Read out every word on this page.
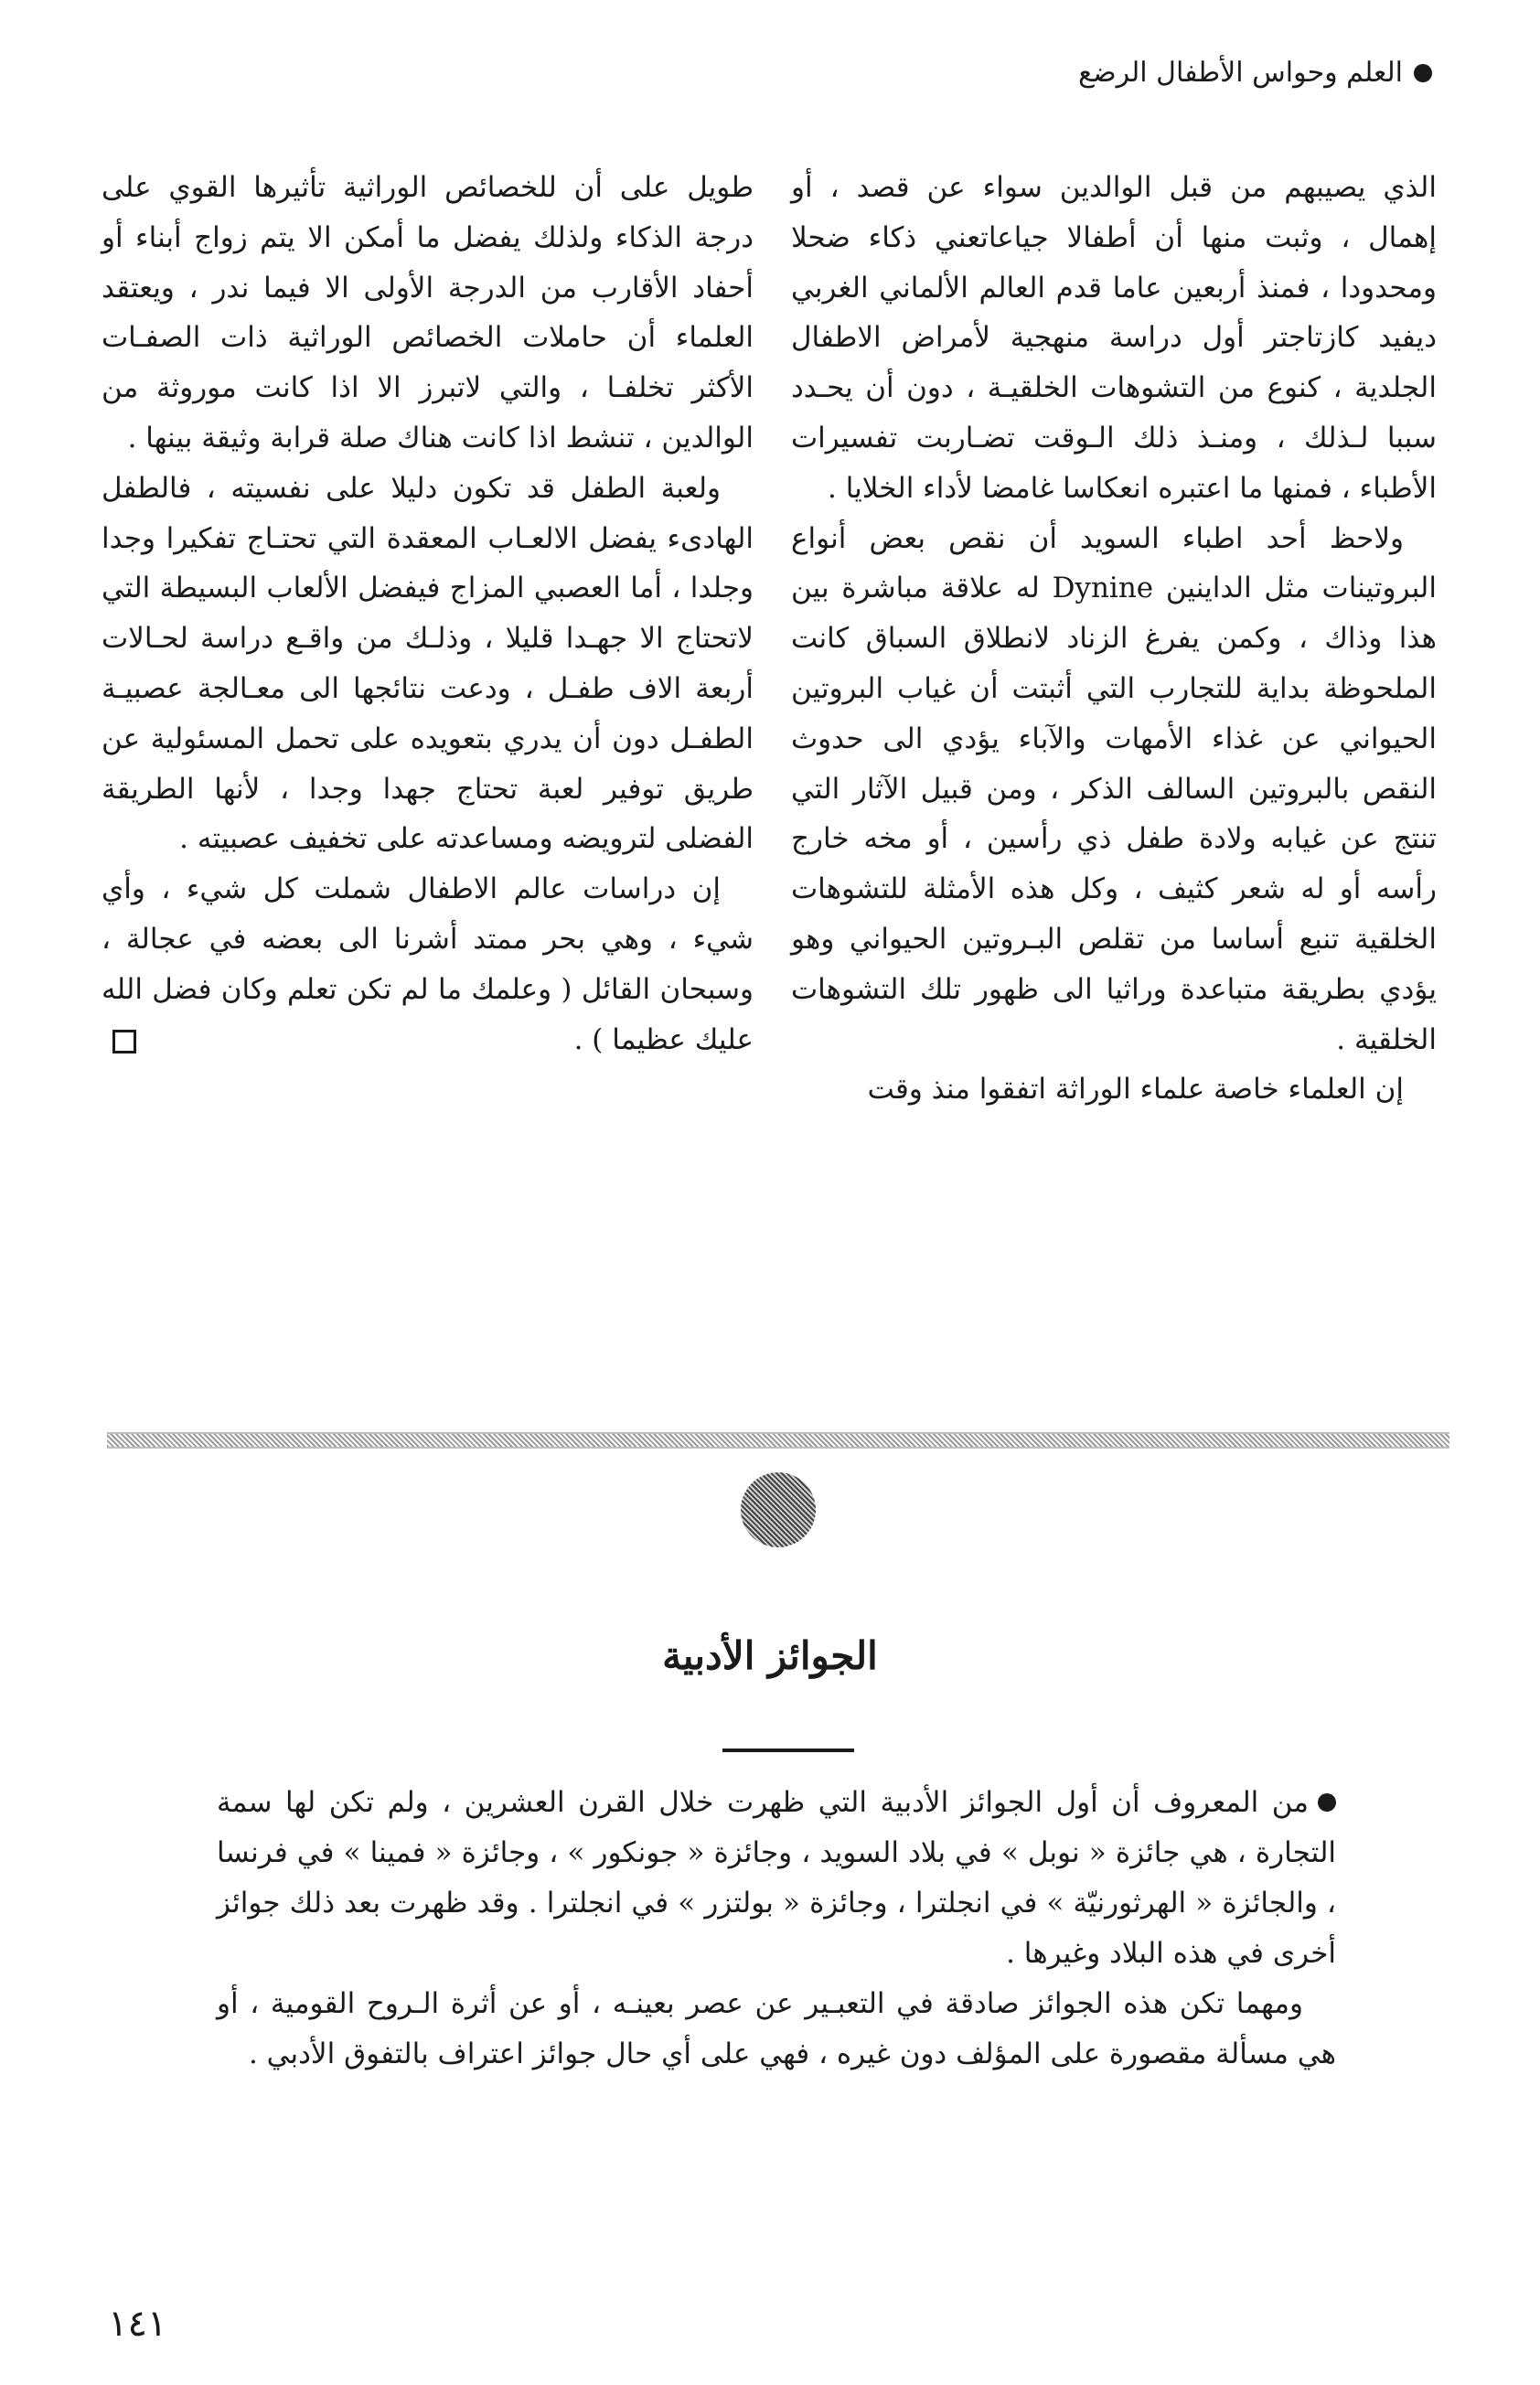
العلم وحواس الأطفال الرضع

الذي يصيبهم من قبل الوالدين سواء عن قصد ، أو إهمال ، وثبت منها أن أطفالا جياعاتعني ذكاء ضحلا ومحدودا ، فمنذ أربعين عاما قدم العالم الألماني الغربي ديفيد كازتاجتر أول دراسة منهجية لأمراض الاطفال الجلدية ، كنوع من التشوهات الخلقيـة ، دون أن يحـدد سببا لـذلك ، ومنـذ ذلك الـوقت تضـاربت تفسيرات الأطباء ، فمنها ما اعتبره انعكاسا غامضا لأداء الخلايا .

ولاحظ أحد اطباء السويد أن نقص بعض أنواع البروتينات مثل الداينين Dynine له علاقة مباشرة بين هذا وذاك ، وكمن يفرغ الزناد لانطلاق السباق كانت الملحوظة بداية للتجارب التي أثبتت أن غياب البروتين الحيواني عن غذاء الأمهات والآباء يؤدي الى حدوث النقص بالبروتين السالف الذكر ، ومن قبيل الآثار التي تنتج عن غيابه ولادة طفل ذي رأسين ، أو مخه خارج رأسه أو له شعر كثيف ، وكل هذه الأمثلة للتشوهات الخلقية تنبع أساسا من تقلص البـروتين الحيواني وهو يؤدي بطريقة متباعدة وراثيا الى ظهور تلك التشوهات الخلقية .

إن العلماء خاصة علماء الوراثة اتفقوا منذ وقت

طويل على أن للخصائص الوراثية تأثيرها القوي على درجة الذكاء ولذلك يفضل ما أمكن الا يتم زواج أبناء أو أحفاد الأقارب من الدرجة الأولى الا فيما ندر ، ويعتقد العلماء أن حاملات الخصائص الوراثية ذات الصفـات الأكثر تخلفـا ، والتي لاتبرز الا اذا كانت موروثة من الوالدين ، تنشط اذا كانت هناك صلة قرابة وثيقة بينها .

ولعبة الطفل قد تكون دليلا على نفسيته ، فالطفل الهادىء يفضل الالعـاب المعقدة التي تحتـاج تفكيرا وجدا وجلدا ، أما العصبي المزاج فيفضل الألعاب البسيطة التي لاتحتاج الا جهـدا قليلا ، وذلـك من واقـع دراسة لحـالات أربعة الاف طفـل ، ودعت نتائجها الى معـالجة عصبيـة الطفـل دون أن يدري بتعويده على تحمل المسئولية عن طريق توفير لعبة تحتاج جهدا وجدا ، لأنها الطريقة الفضلى لترويضه ومساعدته على تخفيف عصبيته .

إن دراسات عالم الاطفال شملت كل شيء ، وأي شيء ، وهي بحر ممتد أشرنا الى بعضه في عجالة ، وسبحان القائل ( وعلمك ما لم تكن تعلم وكان فضل الله عليك عظيما ) .

الجوائز الأدبية

من المعروف أن أول الجوائز الأدبية التي ظهرت خلال القرن العشرين ، ولم تكن لها سمة التجارة ، هي جائزة « نوبل » في بلاد السويد ، وجائزة « جونكور » ، وجائزة « فمينا » في فرنسا ، والجائزة « الهرثورنيّة » في انجلترا ، وجائزة « بولتزر » في انجلترا . وقد ظهرت بعد ذلك جوائز أخرى في هذه البلاد وغيرها .

ومهما تكن هذه الجوائز صادقة في التعبـير عن عصر بعينـه ، أو عن أثرة الـروح القومية ، أو هي مسألة مقصورة على المؤلف دون غيره ، فهي على أي حال جوائز اعتراف بالتفوق الأدبي .

١٤١
